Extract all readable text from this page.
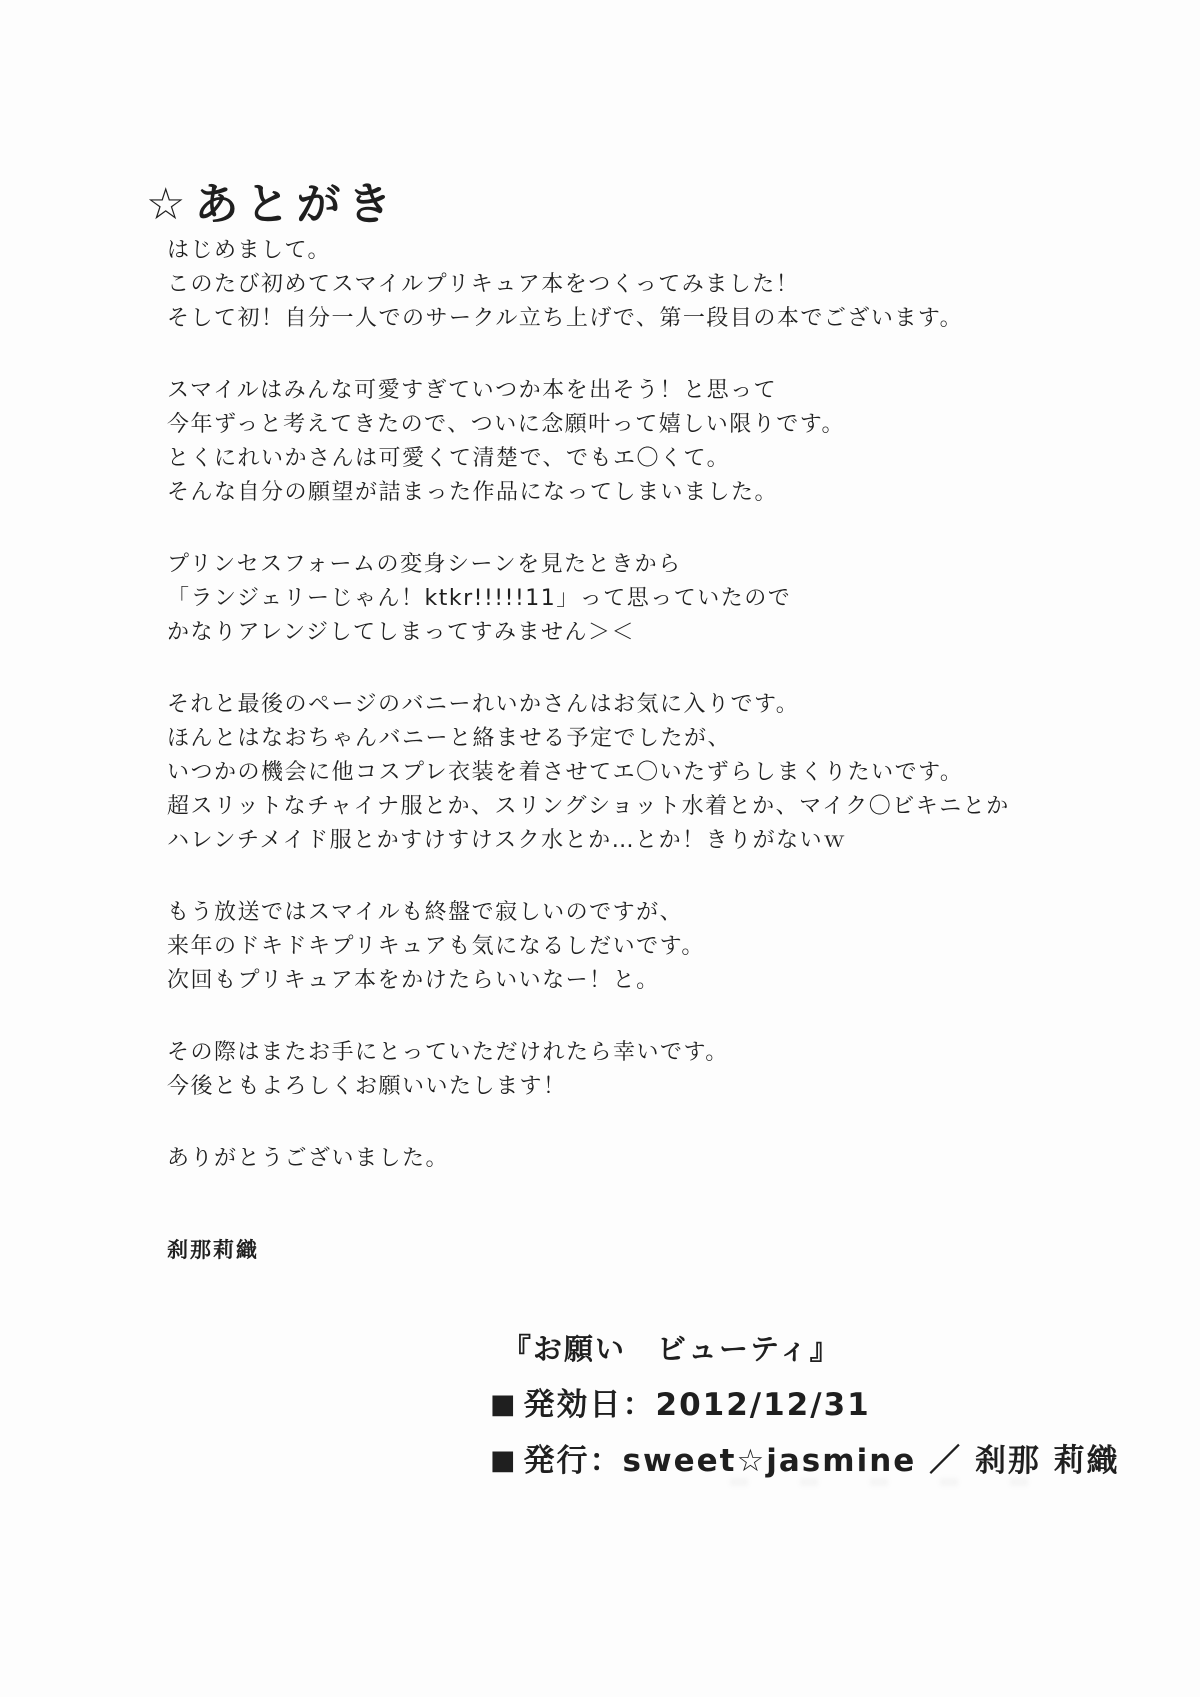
☆あとがき
はじめまして。
このたび初めてスマイルプリキュア本をつくってみました！
そして初！自分一人でのサークル立ち上げで、第一段目の本でございます。
スマイルはみんな可愛すぎていつか本を出そう！と思って
今年ずっと考えてきたので、ついに念願叶って嬉しい限りです。
とくにれいかさんは可愛くて清楚で、でもエ〇くて。
そんな自分の願望が詰まった作品になってしまいました。
プリンセスフォームの変身シーンを見たときから
「ランジェリーじゃん！ktkr!!!!!11」って思っていたので
かなりアレンジしてしまってすみません＞＜
それと最後のページのバニーれいかさんはお気に入りです。
ほんとはなおちゃんバニーと絡ませる予定でしたが、
いつかの機会に他コスプレ衣装を着させてエ〇いたずらしまくりたいです。
超スリットなチャイナ服とか、スリングショット水着とか、マイク〇ビキニとか
ハレンチメイド服とかすけすけスク水とか…とか！きりがないｗ
もう放送ではスマイルも終盤で寂しいのですが、
来年のドキドキプリキュアも気になるしだいです。
次回もプリキュア本をかけたらいいなー！と。
その際はまたお手にとっていただけれたら幸いです。
今後ともよろしくお願いいたします！
ありがとうございました。
刹那莉織
『お願い　ビューティ』
■ 発効日：2012/12/31
■ 発行：sweet☆jasmine ／ 刹那 莉織
